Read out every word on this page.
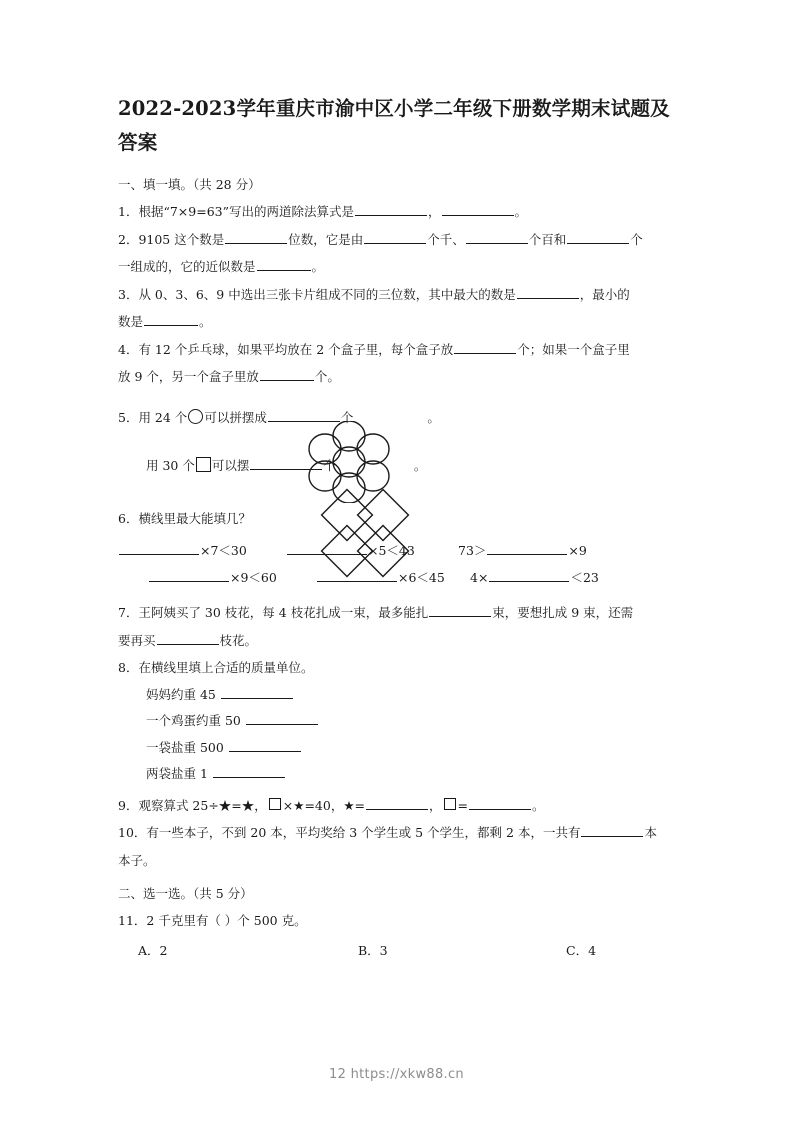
2022-2023学年重庆市渝中区小学二年级下册数学期末试题及答案
一、填一填。（共 28 分）
1．根据“7×9=63”写出的两道除法算式是	，	。
2．9105 这个数是	位数，它是由	个千、	个百和	个
一组成的，它的近似数是	。
3．从 0、3、6、9 中选出三张卡片组成不同的三位数，其中最大的数是	，最小的
数是	。
4．有 12 个乒乓球，如果平均放在 2 个盒子里，每个盒子放	个；如果一个盒子里
放 9 个，另一个盒子里放	个。
5．用 24 个 可以拼摆成	个	。
用 30 个 可以摆	个	。
6．横线里最大能填几？
×7＜30	×5＜43	73＞	×9
×9＜60	×6＜45 4×	＜23
7．王阿姨买了 30 枝花，每 4 枝花扎成一束，最多能扎	束，要想扎成 9 束，还需
要再买	枝花。
8．在横线里填上合适的质量单位。
妈妈约重 45
一个鸡蛋约重 50
一袋盐重 500
两袋盐重 1
9．观察算式 25÷★=★， ×★=40，★=	， =	。
10．有一些本子，不到 20 本，平均奖给 3 个学生或 5 个学生，都剩 2 本，一共有	本
本子。
二、选一选。（共 5 分）
11．2 千克里有（ ）个 500 克。
A．2	B．3	C．4
12 https://xkw88.cn
